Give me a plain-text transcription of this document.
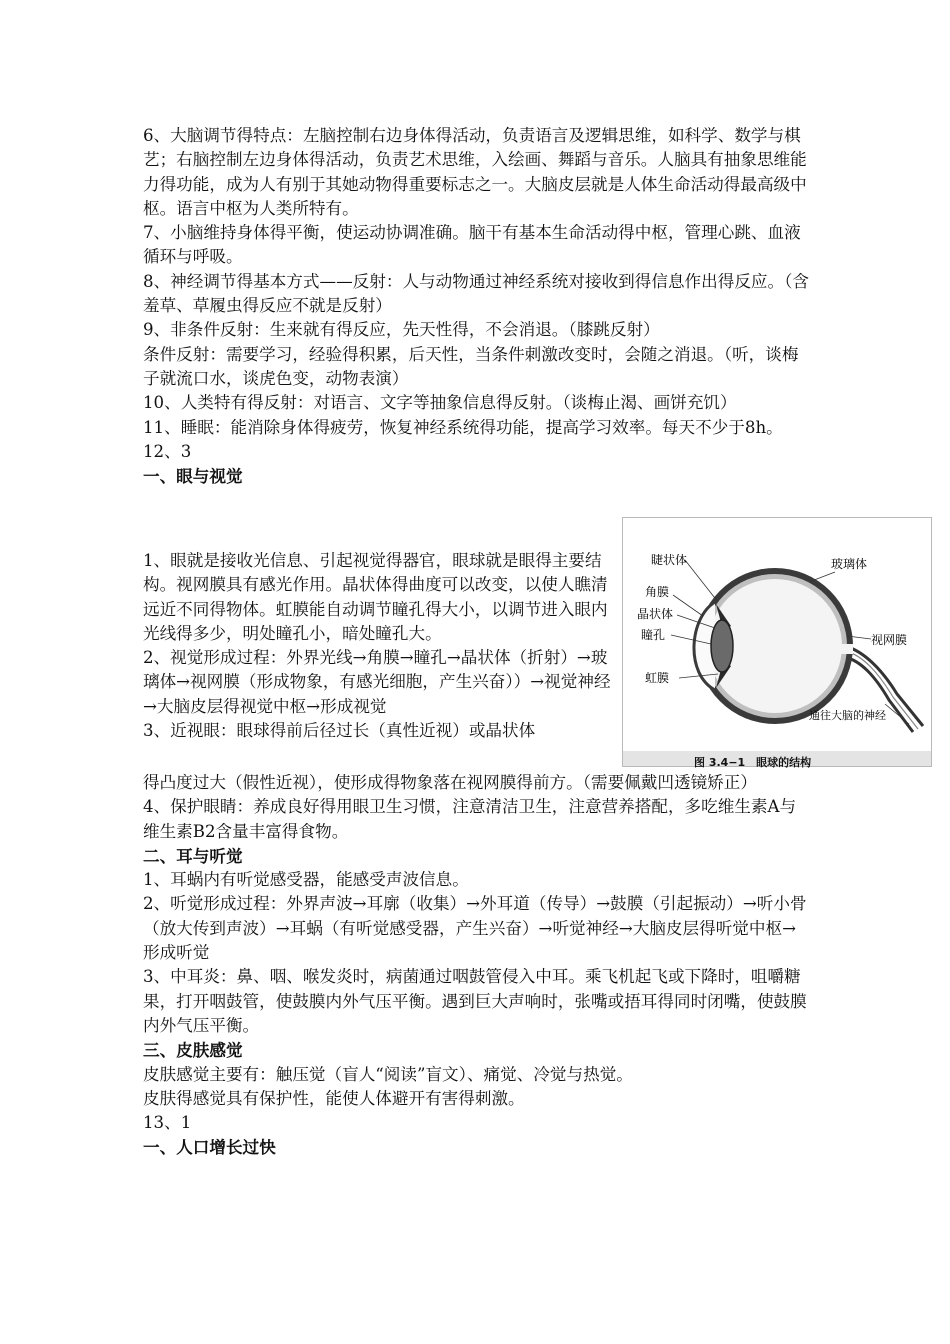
6、大脑调节得特点：左脑控制右边身体得活动，负责语言及逻辑思维，如科学、数学与棋艺；右脑控制左边身体得活动，负责艺术思维，入绘画、舞蹈与音乐。人脑具有抽象思维能力得功能，成为人有别于其她动物得重要标志之一。大脑皮层就是人体生命活动得最高级中枢。语言中枢为人类所特有。

7、小脑维持身体得平衡，使运动协调准确。脑干有基本生命活动得中枢，管理心跳、血液循环与呼吸。

8、神经调节得基本方式——反射：人与动物通过神经系统对接收到得信息作出得反应。（含羞草、草履虫得反应不就是反射）

9、非条件反射：生来就有得反应，先天性得，不会消退。（膝跳反射）

条件反射：需要学习，经验得积累，后天性，当条件刺激改变时，会随之消退。（听，谈梅子就流口水，谈虎色变，动物表演）

10、人类特有得反射：对语言、文字等抽象信息得反射。（谈梅止渴、画饼充饥）

11、睡眠：能消除身体得疲劳，恢复神经系统得功能，提高学习效率。每天不少于8h。

12、3

一、眼与视觉

1、眼就是接收光信息、引起视觉得器官，眼球就是眼得主要结构。视网膜具有感光作用。晶状体得曲度可以改变，以使人瞧清远近不同得物体。虹膜能自动调节瞳孔得大小，以调节进入眼内光线得多少，明处瞳孔小，暗处瞳孔大。

2、视觉形成过程：外界光线→角膜→瞳孔→晶状体（折射）→玻璃体→视网膜（形成物象，有感光细胞，产生兴奋））→视觉神经→大脑皮层得视觉中枢→形成视觉

3、近视眼：眼球得前后径过长（真性近视）或晶状体

睫状体	玻璃体
角膜
晶状体
瞳孔	视网膜
虹膜
通往大脑的神经
图 3.4−1　眼球的结构

得凸度过大（假性近视），使形成得物象落在视网膜得前方。（需要佩戴凹透镜矫正）

4、保护眼睛：养成良好得用眼卫生习惯，注意清洁卫生，注意营养搭配，多吃维生素A与维生素B2含量丰富得食物。

二、耳与听觉

1、耳蜗内有听觉感受器，能感受声波信息。

2、听觉形成过程：外界声波→耳廓（收集）→外耳道（传导）→鼓膜（引起振动）→听小骨（放大传到声波）→耳蜗（有听觉感受器，产生兴奋）→听觉神经→大脑皮层得听觉中枢→形成听觉

3、中耳炎：鼻、咽、喉发炎时，病菌通过咽鼓管侵入中耳。乘飞机起飞或下降时，咀嚼糖果，打开咽鼓管，使鼓膜内外气压平衡。遇到巨大声响时，张嘴或捂耳得同时闭嘴，使鼓膜内外气压平衡。

三、皮肤感觉

皮肤感觉主要有：触压觉（盲人“阅读”盲文）、痛觉、冷觉与热觉。

皮肤得感觉具有保护性，能使人体避开有害得刺激。

13、1

一、人口增长过快
